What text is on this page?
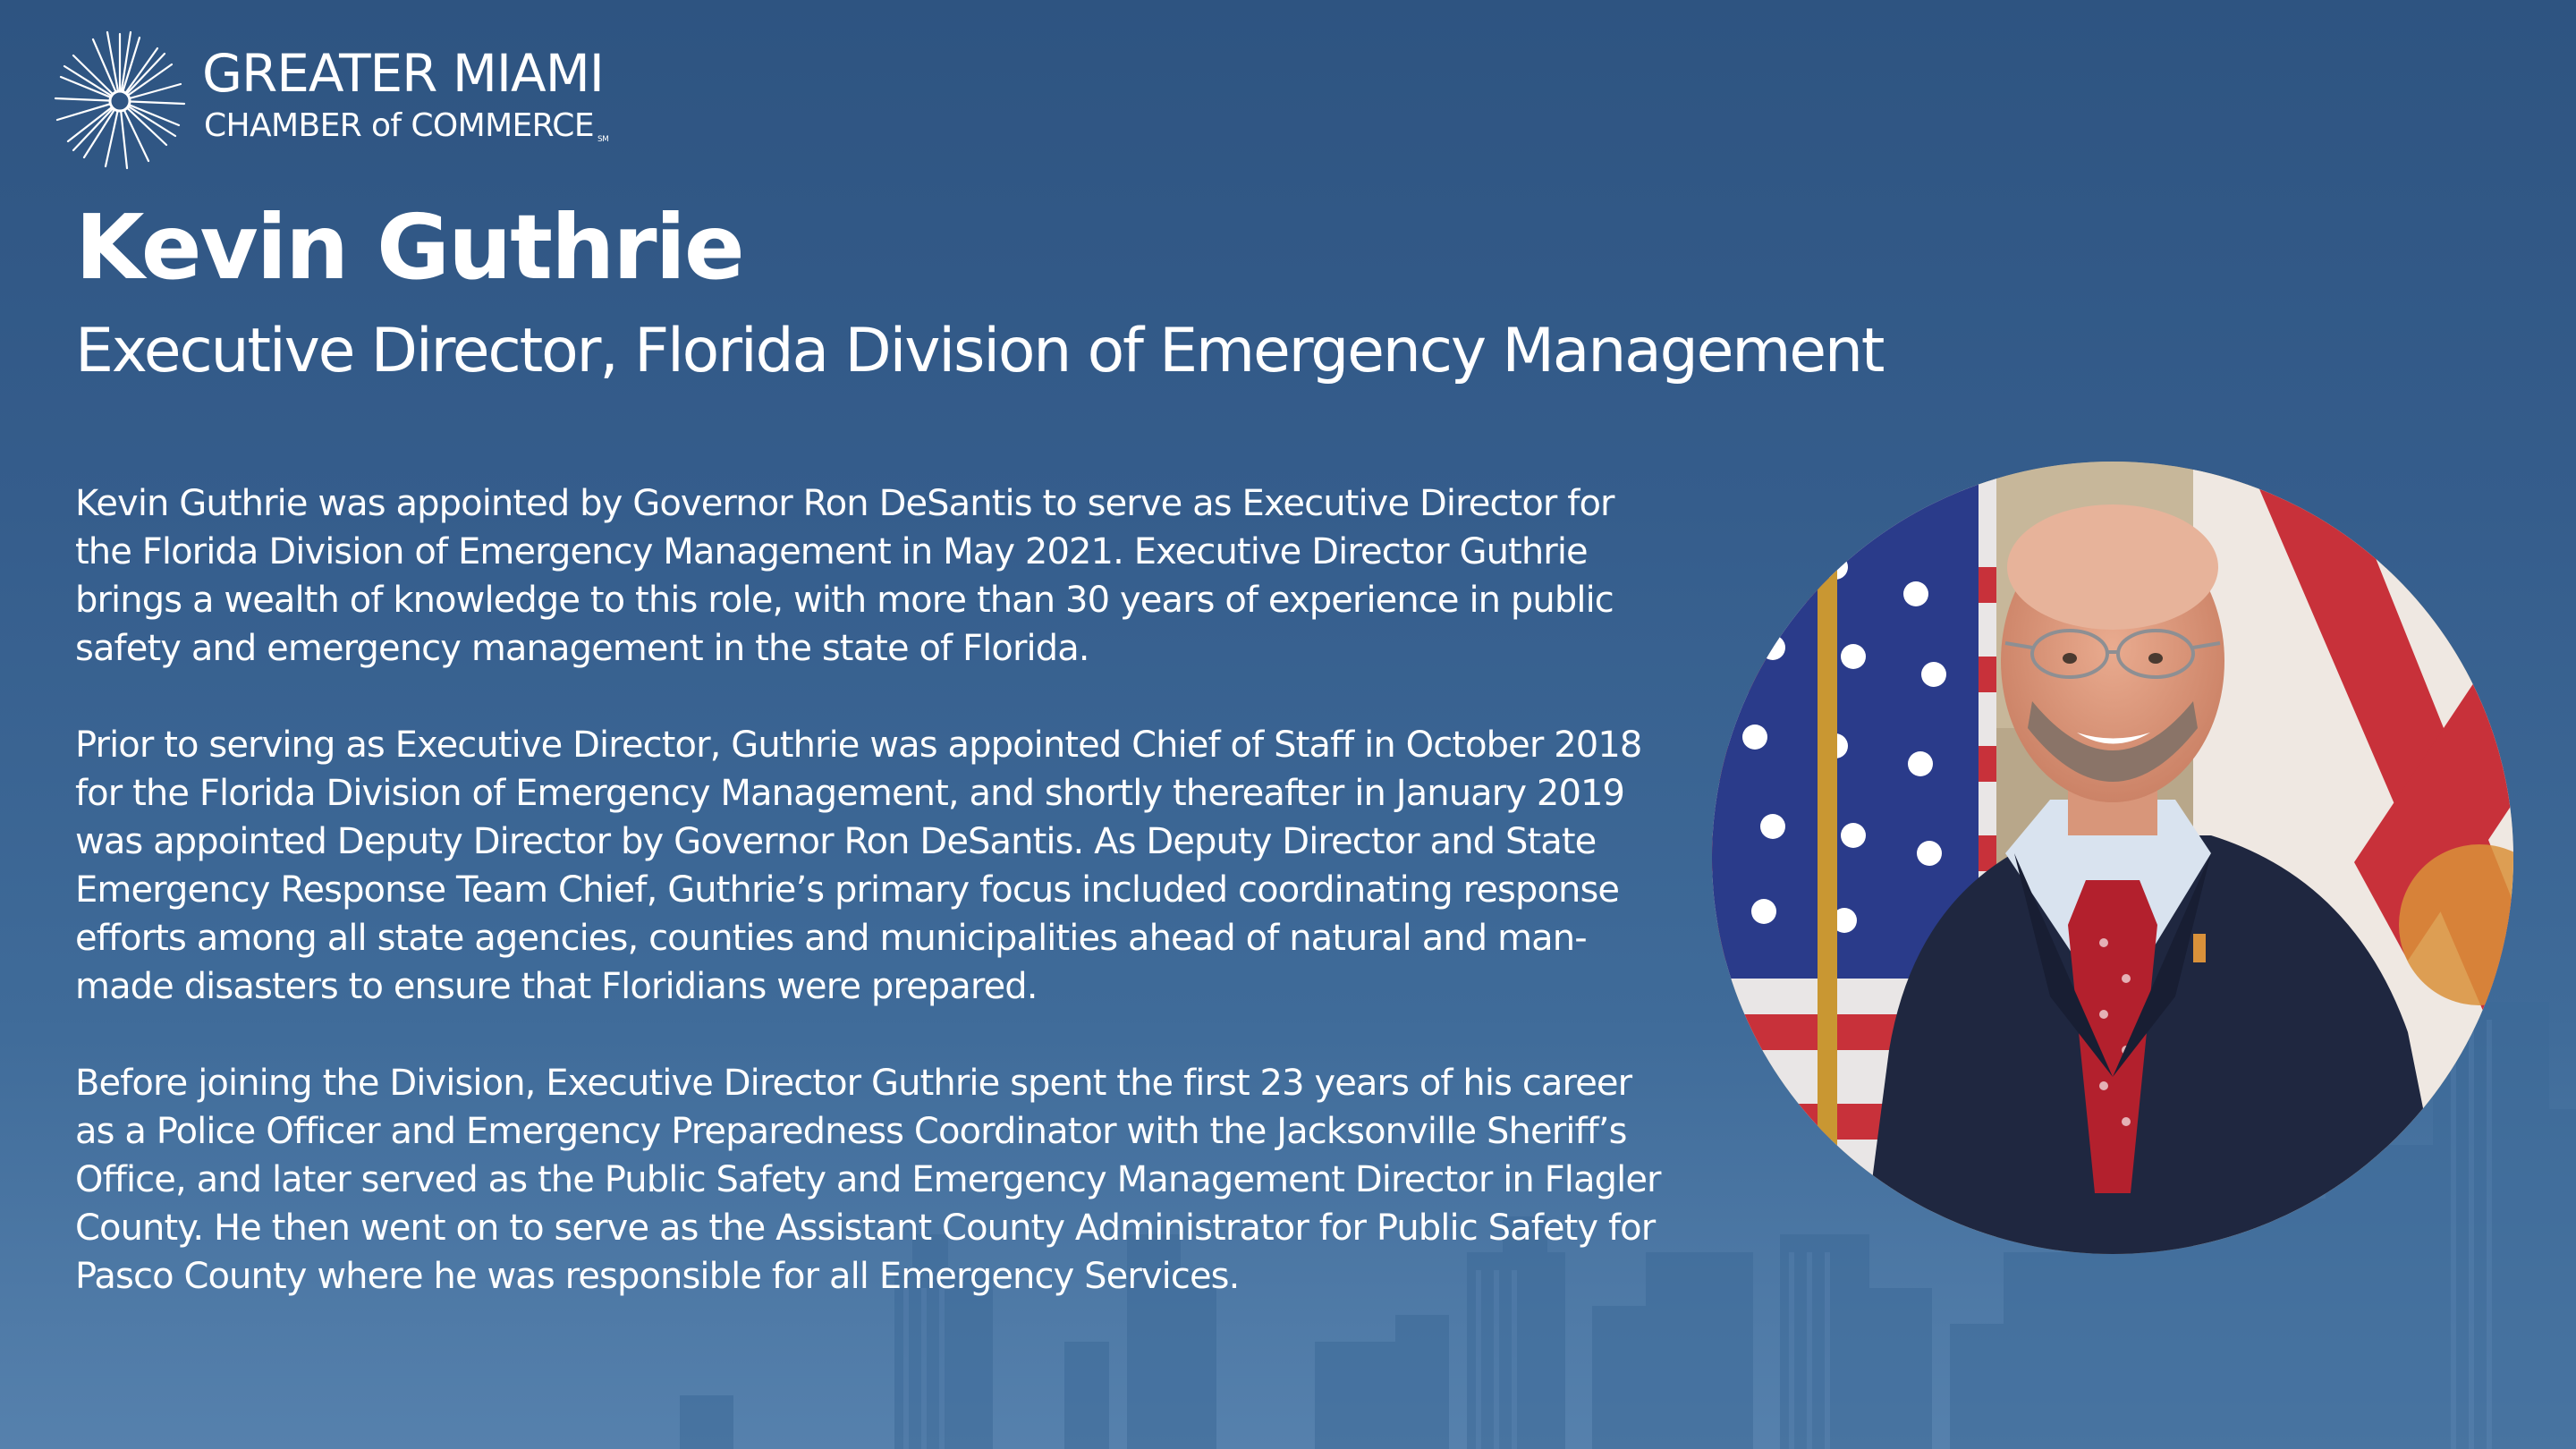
GREATER MIAMI
CHAMBER of COMMERCE SM
Kevin Guthrie
Executive Director, Florida Division of Emergency Management

Kevin Guthrie was appointed by Governor Ron DeSantis to serve as Executive Director for
the Florida Division of Emergency Management in May 2021. Executive Director Guthrie
brings a wealth of knowledge to this role, with more than 30 years of experience in public
safety and emergency management in the state of Florida.

Prior to serving as Executive Director, Guthrie was appointed Chief of Staff in October 2018
for the Florida Division of Emergency Management, and shortly thereafter in January 2019
was appointed Deputy Director by Governor Ron DeSantis. As Deputy Director and State
Emergency Response Team Chief, Guthrie’s primary focus included coordinating response
efforts among all state agencies, counties and municipalities ahead of natural and man-
made disasters to ensure that Floridians were prepared.

Before joining the Division, Executive Director Guthrie spent the first 23 years of his career
as a Police Officer and Emergency Preparedness Coordinator with the Jacksonville Sheriff’s
Office, and later served as the Public Safety and Emergency Management Director in Flagler
County. He then went on to serve as the Assistant County Administrator for Public Safety for
Pasco County where he was responsible for all Emergency Services.
